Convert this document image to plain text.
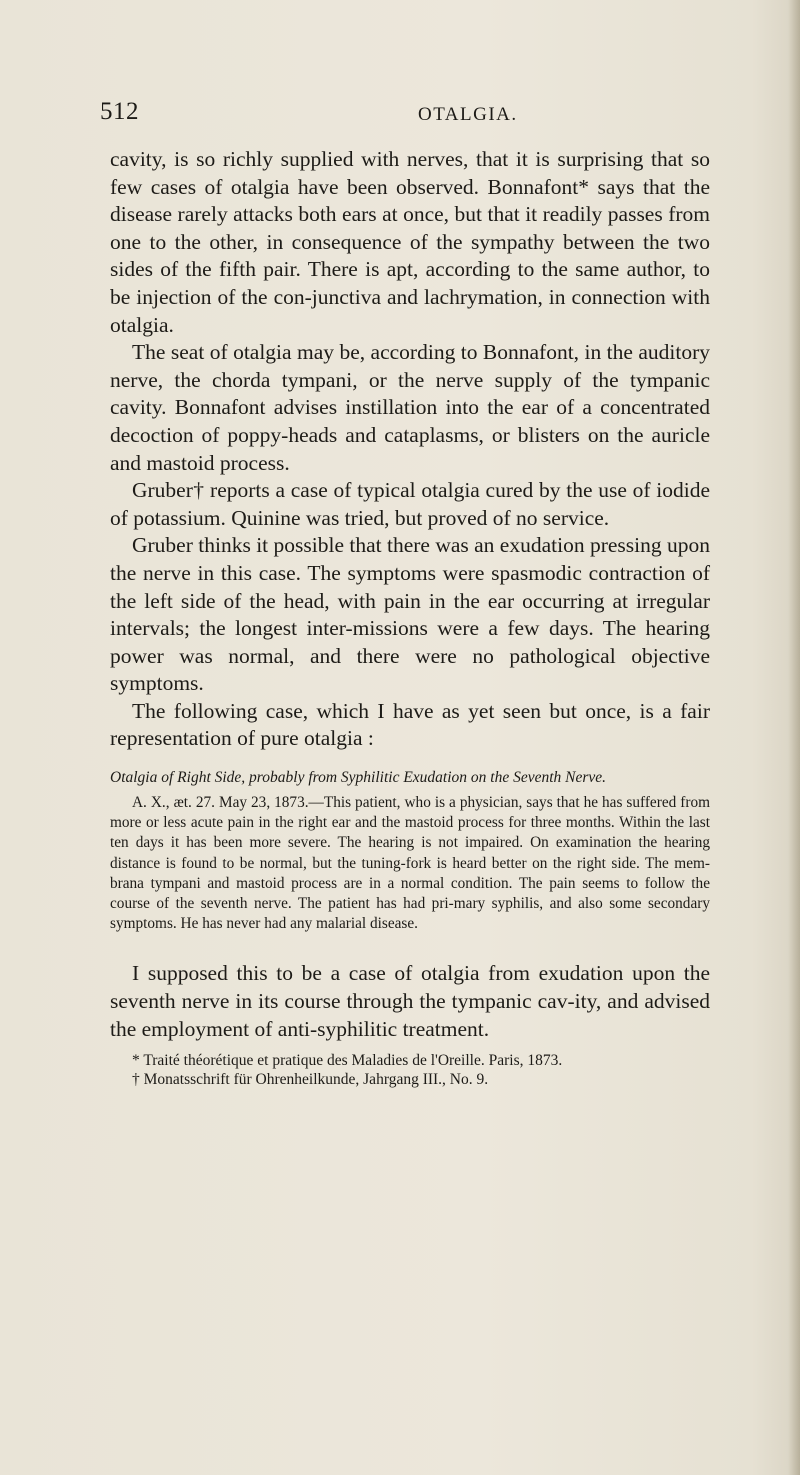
512	OTALGIA.

cavity, is so richly supplied with nerves, that it is surprising that so few cases of otalgia have been observed. Bonnafont* says that the disease rarely attacks both ears at once, but that it readily passes from one to the other, in consequence of the sympathy between the two sides of the fifth pair. There is apt, according to the same author, to be injection of the con-junctiva and lachrymation, in connection with otalgia.

The seat of otalgia may be, according to Bonnafont, in the auditory nerve, the chorda tympani, or the nerve supply of the tympanic cavity. Bonnafont advises instillation into the ear of a concentrated decoction of poppy-heads and cataplasms, or blisters on the auricle and mastoid process.

Gruber† reports a case of typical otalgia cured by the use of iodide of potassium. Quinine was tried, but proved of no service.

Gruber thinks it possible that there was an exudation pressing upon the nerve in this case. The symptoms were spasmodic contraction of the left side of the head, with pain in the ear occurring at irregular intervals; the longest inter-missions were a few days. The hearing power was normal, and there were no pathological objective symptoms.

The following case, which I have as yet seen but once, is a fair representation of pure otalgia :

Otalgia of Right Side, probably from Syphilitic Exudation on the Seventh Nerve.

A. X., æt. 27. May 23, 1873.—This patient, who is a physician, says that he has suffered from more or less acute pain in the right ear and the mastoid process for three months. Within the last ten days it has been more severe. The hearing is not impaired. On examination the hearing distance is found to be normal, but the tuning-fork is heard better on the right side. The mem-brana tympani and mastoid process are in a normal condition. The pain seems to follow the course of the seventh nerve. The patient has had pri-mary syphilis, and also some secondary symptoms. He has never had any malarial disease.

I supposed this to be a case of otalgia from exudation upon the seventh nerve in its course through the tympanic cav-ity, and advised the employment of anti-syphilitic treatment.

* Traité théorétique et pratique des Maladies de l'Oreille. Paris, 1873.

† Monatsschrift für Ohrenheilkunde, Jahrgang III., No. 9.
